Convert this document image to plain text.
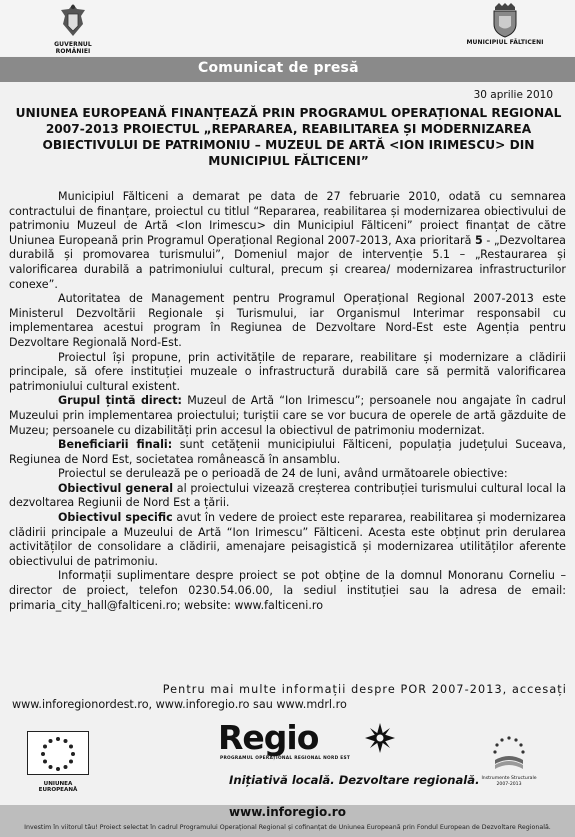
GUVERNUL ROMÂNIEI
MUNICIPIUL FĂLTICENI
Comunicat de presă
30 aprilie 2010
UNIUNEA EUROPEANĂ FINANȚEAZĂ PRIN PROGRAMUL OPERAȚIONAL REGIONAL 2007-2013 PROIECTUL „REPARAREA, REABILITAREA ȘI MODERNIZAREA OBIECTIVULUI DE PATRIMONIU – MUZEUL DE ARTĂ <ION IRIMESCU> DIN MUNICIPIUL FĂLTICENI”

Municipiul Fălticeni a demarat pe data de 27 februarie 2010, odată cu semnarea contractului de finanțare, proiectul cu titlul “Repararea, reabilitarea și modernizarea obiectivului de patrimoniu Muzeul de Artă <Ion Irimescu> din Municipiul Fălticeni” proiect finanțat de către Uniunea Europeană prin Programul Operațional Regional 2007-2013, Axa prioritară 5 - „Dezvoltarea durabilă și promovarea turismului”, Domeniul major de intervenție 5.1 – „Restaurarea și valorificarea durabilă a patrimoniului cultural, precum și crearea/ modernizarea infrastructurilor conexe”.

Autoritatea de Management pentru Programul Operațional Regional 2007-2013 este Ministerul Dezvoltării Regionale și Turismului, iar Organismul Interimar responsabil cu implementarea acestui program în Regiunea de Dezvoltare Nord-Est este Agenția pentru Dezvoltare Regională Nord-Est.

Proiectul își propune, prin activitățile de reparare, reabilitare și modernizare a clădirii principale, să ofere instituției muzeale o infrastructură durabilă care să permită valorificarea patrimoniului cultural existent.

Grupul țintă direct: Muzeul de Artă “Ion Irimescu”; persoanele nou angajate în cadrul Muzeului prin implementarea proiectului; turiștii care se vor bucura de operele de artă găzduite de Muzeu; persoanele cu dizabilități prin accesul la obiectivul de patrimoniu modernizat.

Beneficiarii finali: sunt cetățenii municipiului Fălticeni, populația județului Suceava, Regiunea de Nord Est, societatea românească în ansamblu.

Proiectul se derulează pe o perioadă de 24 de luni, având următoarele obiective:

Obiectivul general al proiectului vizează creșterea contribuției turismului cultural local la dezvoltarea Regiunii de Nord Est a țării.

Obiectivul specific avut în vedere de proiect este repararea, reabilitarea și modernizarea clădirii principale a Muzeului de Artă “Ion Irimescu” Fălticeni. Acesta este obținut prin derularea activităților de consolidare a clădirii, amenajare peisagistică și modernizarea utilităților aferente obiectivului de patrimoniu.

Informații suplimentare despre proiect se pot obține de la domnul Monoranu Corneliu – director de proiect, telefon 0230.54.06.00, la sediul instituției sau la adresa de email: primaria_city_hall@falticeni.ro; website: www.falticeni.ro

Pentru mai multe informații despre POR 2007-2013, accesați
www.inforegionordest.ro, www.inforegio.ro sau www.mdrl.ro
UNIUNEA EUROPEANĂ
Regio
PROGRAMUL OPERAȚIONAL REGIONAL NORD EST
Inițiativă locală. Dezvoltare regională. Instrumente Structurale 2007-2013
www.inforegio.ro
Investim în viitorul tău! Proiect selectat în cadrul Programului Operațional Regional și cofinanțat de Uniunea Europeană prin Fondul European de Dezvoltare Regională.
